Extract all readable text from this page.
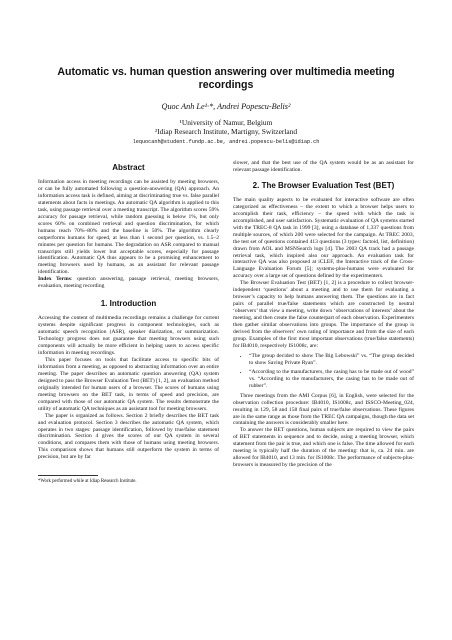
Automatic vs. human question answering over multimedia meeting recordings
Quoc Anh Le¹·*, Andrei Popescu-Belis²
¹University of Namur, Belgium
²Idiap Research Institute, Martigny, Switzerland
lequocanh@student.fundp.ac.be, andrei.popescu-belis@idiap.ch
Abstract

Information access in meeting recordings can be assisted by meeting browsers, or can be fully automated following a question-answering (QA) approach. An information access task is defined, aiming at discriminating true vs. false parallel statements about facts in meetings. An automatic QA algorithm is applied to this task, using passage retrieval over a meeting transcript. The algorithm scores 59% accuracy for passage retrieval, while random guessing is below 1%, but only scores 60% on combined retrieval and question discrimination, for which humans reach 70%–80% and the baseline is 50%. The algorithm clearly outperforms humans for speed, at less than 1 second per question, vs. 1.5–2 minutes per question for humans. The degradation on ASR compared to manual transcripts still yields lower but acceptable scores, especially for passage identification. Automatic QA thus appears to be a promising enhancement to meeting browsers used by humans, as an assistant for relevant passage identification.

Index Terms: question answering, passage retrieval, meeting browsers, evaluation, meeting recording

1. Introduction

Accessing the content of multimedia recordings remains a challenge for current systems despite significant progress in component technologies, such as automatic speech recognition (ASR), speaker diarization, or summarization. Technology progress does not guarantee that meeting browsers using such components will actually be more efficient in helping users to access specific information in meeting recordings.

This paper focuses on tools that facilitate access to specific bits of information from a meeting, as opposed to abstracting information over an entire meeting. The paper describes an automatic question answering (QA) system designed to pass the Browser Evaluation Test (BET) [1, 2], an evaluation method originally intended for human users of a browser. The scores of humans using meeting browsers on the BET task, in terms of speed and precision, are compared with those of our automatic QA system. The results demonstrate the utility of automatic QA techniques as an assistant tool for meeting browsers.

The paper is organized as follows. Section 2 briefly describes the BET task and evaluation protocol. Section 3 describes the automatic QA system, which operates in two stages: passage identification, followed by true/false statement discrimination. Section 4 gives the scores of our QA system in several conditions, and compares them with those of humans using meeting browsers. This comparison shows that humans still outperform the system in terms of precision, but are by far

*Work performed while at Idiap Research Institute.

slower, and that the best use of the QA system would be as an assistant for relevant passage identification.

2. The Browser Evaluation Test (BET)

The main quality aspects to be evaluated for interactive software are often categorized as effectiveness – the extent to which a browser helps users to accomplish their task, efficiency – the speed with which the task is accomplished, and user satisfaction. Systematic evaluation of QA systems started with the TREC-8 QA task in 1999 [3], using a database of 1,337 questions from multiple sources, of which 200 were selected for the campaign. At TREC 2003, the test set of questions contained 413 questions (3 types: factoid, list, definition) drawn from AOL and MSNSearch logs [4]. The 2003 QA track had a passage retrieval task, which inspired also our approach. An evaluation task for interactive QA was also proposed at iCLEF, the Interactive track of the Cross-Language Evaluation Forum [5]; systems-plus-humans were evaluated for accuracy over a large set of questions defined by the experimenters.

The Browser Evaluation Test (BET) [1, 2] is a procedure to collect browser-independent ‘questions’ about a meeting and to use them for evaluating a browser’s capacity to help humans answering them. The questions are in fact pairs of parallel true/false statements which are constructed by neutral ‘observers’ that view a meeting, write down ‘observations of interests’ about the meeting, and then create the false counterpart of each observation. Experimenters then gather similar observations into groups. The importance of the group is derived from the observers’ own rating of importance and from the size of each group. Examples of the first most important observations (true/false statements) for IB4010, respectively IS1008c, are:

• “The group decided to show The Big Lebowski” vs. “The group decided to show Saving Private Ryan”.
• “According to the manufacturers, the casing has to be made out of wood” vs. “According to the manufacturers, the casing has to be made out of rubber”.

Three meetings from the AMI Corpus [6], in English, were selected for the observation collection procedure: IB4010, IS1008c, and ISSCO-Meeting_024, resulting in 129, 58 and 158 final pairs of true/false observations. These figures are in the same range as those from the TREC QA campaigns, though the data set containing the answers is considerably smaller here.

To answer the BET questions, human subjects are required to view the pairs of BET statements in sequence and to decide, using a meeting browser, which statement from the pair is true, and which one is false. The time allowed for each meeting is typically half the duration of the meeting: that is, ca. 24 min. are allowed for IB4010, and 13 min. for IS1008c. The performance of subjects-plus-browsers is measured by the precision of the
